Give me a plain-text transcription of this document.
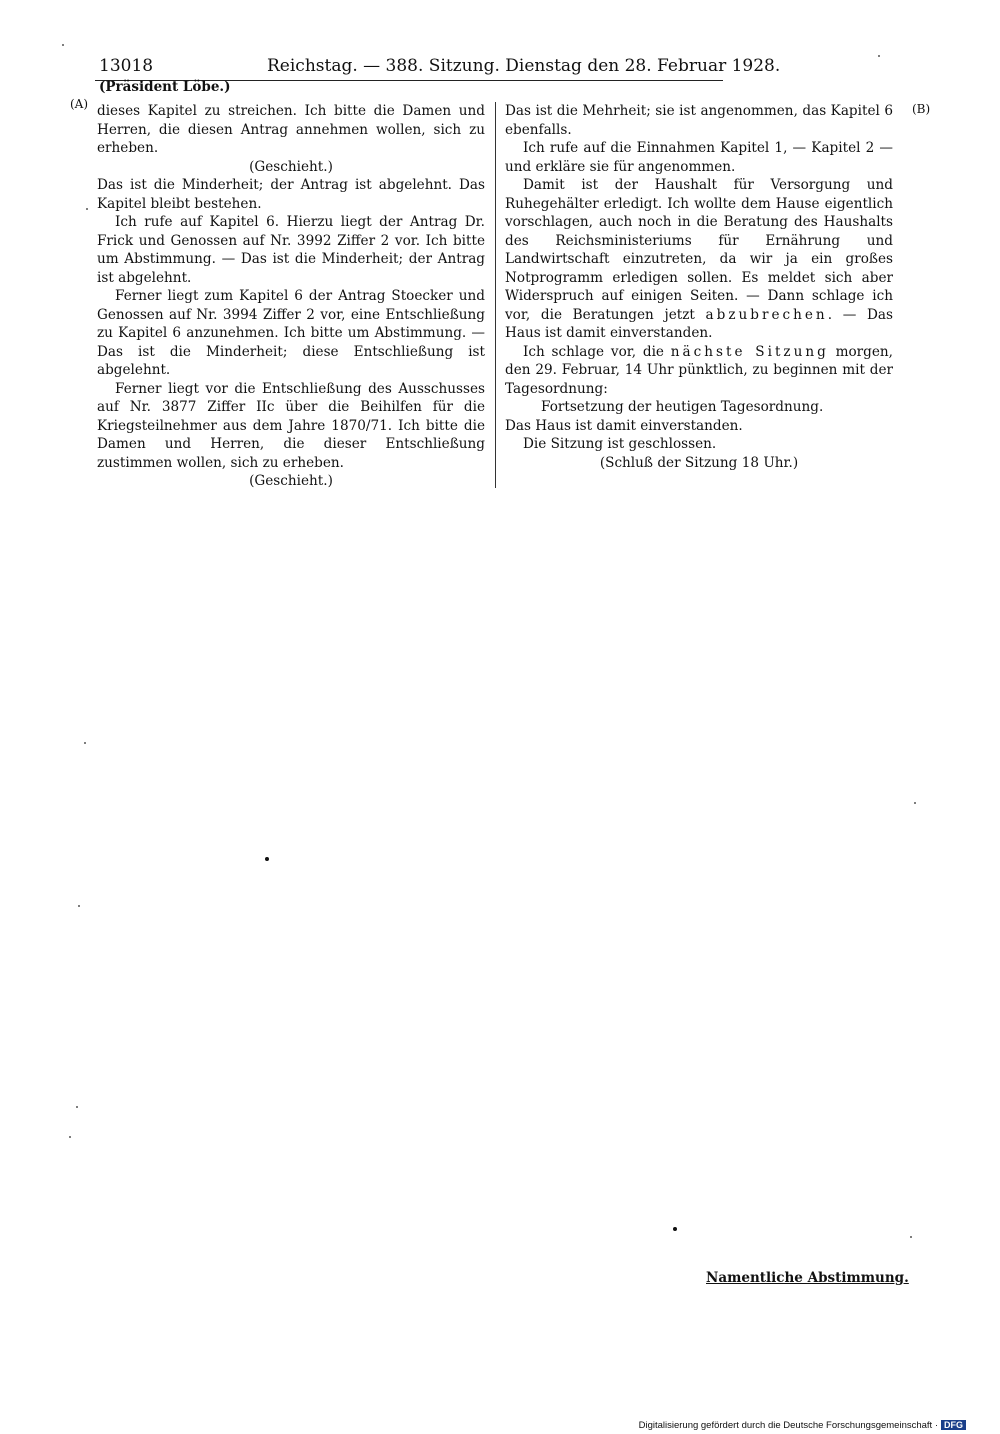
13018	Reichstag. — 388. Sitzung. Dienstag den 28. Februar 1928.
(Präsident Löbe.)
(A)	(B)

dieses Kapitel zu streichen. Ich bitte die Damen und Herren, die diesen Antrag annehmen wollen, sich zu erheben.

(Geschieht.)

Das ist die Minderheit; der Antrag ist abgelehnt. Das Kapitel bleibt bestehen.

Ich rufe auf Kapitel 6. Hierzu liegt der Antrag Dr. Frick und Genossen auf Nr. 3992 Ziffer 2 vor. Ich bitte um Abstimmung. — Das ist die Minderheit; der Antrag ist abgelehnt.

Ferner liegt zum Kapitel 6 der Antrag Stoecker und Genossen auf Nr. 3994 Ziffer 2 vor, eine Entschließung zu Kapitel 6 anzunehmen. Ich bitte um Abstimmung. — Das ist die Minderheit; diese Entschließung ist abgelehnt.

Ferner liegt vor die Entschließung des Ausschusses auf Nr. 3877 Ziffer IIc über die Beihilfen für die Kriegsteilnehmer aus dem Jahre 1870/71. Ich bitte die Damen und Herren, die dieser Entschließung zustimmen wollen, sich zu erheben.

(Geschieht.)

Das ist die Mehrheit; sie ist angenommen, das Kapitel 6 ebenfalls.

Ich rufe auf die Einnahmen Kapitel 1, — Kapitel 2 — und erkläre sie für angenommen.

Damit ist der Haushalt für Versorgung und Ruhegehälter erledigt. Ich wollte dem Hause eigentlich vorschlagen, auch noch in die Beratung des Haushalts des Reichsministeriums für Ernährung und Landwirtschaft einzutreten, da wir ja ein großes Notprogramm erledigen sollen. Es meldet sich aber Widerspruch auf einigen Seiten. — Dann schlage ich vor, die Beratungen jetzt abzubrechen. — Das Haus ist damit einverstanden.

Ich schlage vor, die nächste Sitzung morgen, den 29. Februar, 14 Uhr pünktlich, zu beginnen mit der Tagesordnung:

Fortsetzung der heutigen Tagesordnung.

Das Haus ist damit einverstanden.

Die Sitzung ist geschlossen.

(Schluß der Sitzung 18 Uhr.)

Namentliche Abstimmung.
Digitalisierung gefördert durch die Deutsche Forschungsgemeinschaft · DFG
